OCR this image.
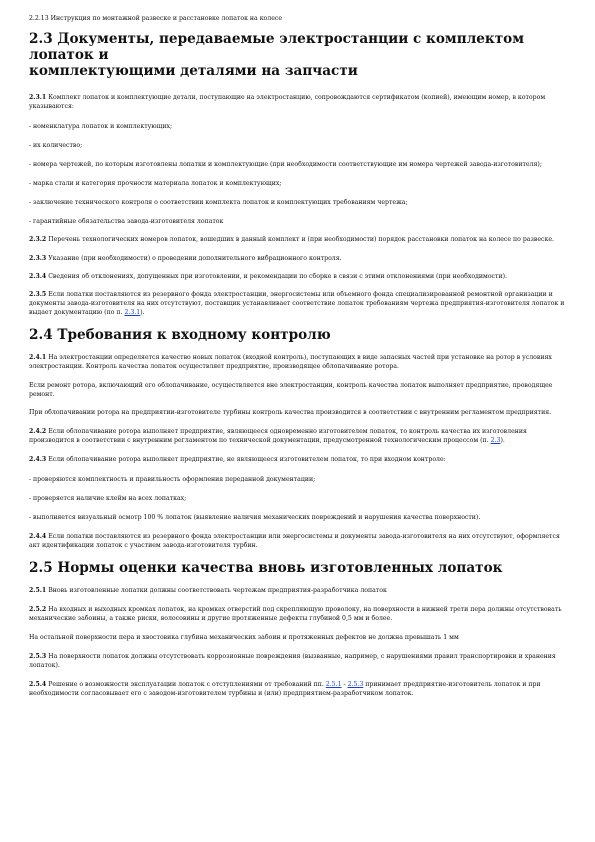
2.2.13 Инструкция по монтажной развеске и расстановке лопаток на колесе

2.3 Документы, передаваемые электростанции с комплектом лопаток и
комплектующими деталями на запчасти

2.3.1 Комплект лопаток и комплектующие детали, поступающие на электростанцию, сопровождаются сертификатом (копией), имеющим номер, в котором указываются:

- номенклатура лопаток и комплектующих;

- их количество;

- номера чертежей, по которым изготовлены лопатки и комплектующие (при необходимости соответствующие им номера чертежей завода-изготовителя);

- марка стали и категория прочности материала лопаток и комплектующих;

- заключение технического контроля о соответствии комплекта лопаток и комплектующих требованиям чертежа;

- гарантийные обязательства завода-изготовителя лопаток

2.3.2 Перечень технологических номеров лопаток, вошедших в данный комплект и (при необходимости) порядок расстановки лопаток на колесе по развеске.

2.3.3 Указание (при необходимости) о проведении дополнительного вибрационного контроля.

2.3.4 Сведения об отклонениях, допущенных при изготовлении, и рекомендации по сборке в связи с этими отклонениями (при необходимости).

2.3.5 Если лопатки поставляются из резервного фонда электростанции, энергосистемы или объемного фонда специализированной ремонтной организации и документы завода-изготовителя на них отсутствуют, поставщик устанавливает соответствие лопаток требованиям чертежа предприятия-изготовителя лопаток и выдает документацию (по п. 2.3.1).

2.4 Требования к входному контролю

2.4.1 На электростанции определяется качество новых лопаток (входной контроль), поступающих в виде запасных частей при установке на ротор в условиях электростанции. Контроль качества лопаток осуществляет предприятие, производящее облопачивание ротора.

Если ремонт ротора, включающий его облопачивание, осуществляется вне электростанции, контроль качества лопаток выполняет предприятие, проводящее ремонт.

При облопачивании ротора на предприятии-изготовителе турбины контроль качества производится в соответствии с внутренним регламентом предприятия.

2.4.2 Если облопачивание ротора выполняет предприятие, являющееся одновременно изготовителем лопаток, то контроль качества их изготовления производится в соответствии с внутренним регламентом по технической документации, предусмотренной технологическим процессом (п. 2.3).

2.4.3 Если облопачивание ротора выполняет предприятие, не являющееся изготовителем лопаток, то при входном контроле:

- проверяются комплектность и правильность оформления переданной документации;

- проверяется наличие клейм на всех лопатках;

- выполняется визуальный осмотр 100 % лопаток (выявление наличия механических повреждений и нарушения качества поверхности).

2.4.4 Если лопатки поставляются из резервного фонда электростанции или энергосистемы и документы завода-изготовителя на них отсутствуют, оформляется акт идентификации лопаток с участием завода-изготовителя турбин.

2.5 Нормы оценки качества вновь изготовленных лопаток

2.5.1 Вновь изготовленные лопатки должны соответствовать чертежам предприятия-разработчика лопаток

2.5.2 На входных и выходных кромках лопаток, на кромках отверстий под скрепляющую проволоку, на поверхности в нижней трети пера должны отсутствовать механические забоины, а также риски, волосовины и другие протяженные дефекты глубиной 0,5 мм и более.

На остальной поверхности пера и хвостовика глубина механических забоин и протяженных дефектов не должна превышать 1 мм

2.5.3 На поверхности лопаток должны отсутствовать коррозионные повреждения (вызванные, например, с нарушениями правил транспортировки и хранения лопаток).

2.5.4 Решение о возможности эксплуатации лопаток с отступлениями от требований пп. 2.5.1 - 2.5.3 принимает предприятие-изготовитель лопаток и при необходимости согласовывает его с заводом-изготовителем турбины и (или) предприятием-разработчиком лопаток.
